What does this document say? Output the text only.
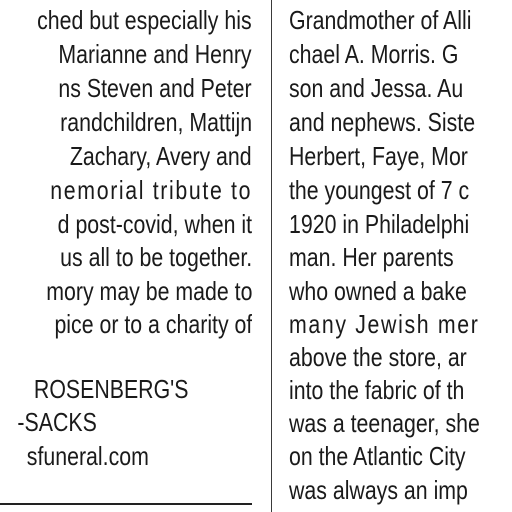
ched but especially his
Marianne and Henry
ns Steven and Peter
randchildren, Mattijn
Zachary, Avery and
nemorial tribute to
d post-covid, when it
us all to be together.
mory may be made to
pice or to a charity of
ROSENBERG'S
-SACKS
sfuneral.com
Grandmother of Alli
chael A. Morris. G
son and Jessa. Au
and nephews. Siste
Herbert, Faye, Mor
the youngest of 7 c
1920 in Philadelphi
man. Her parents
who owned a bake
many Jewish mer
above the store, ar
into the fabric of th
was a teenager, she
on the Atlantic City
was always an imp
